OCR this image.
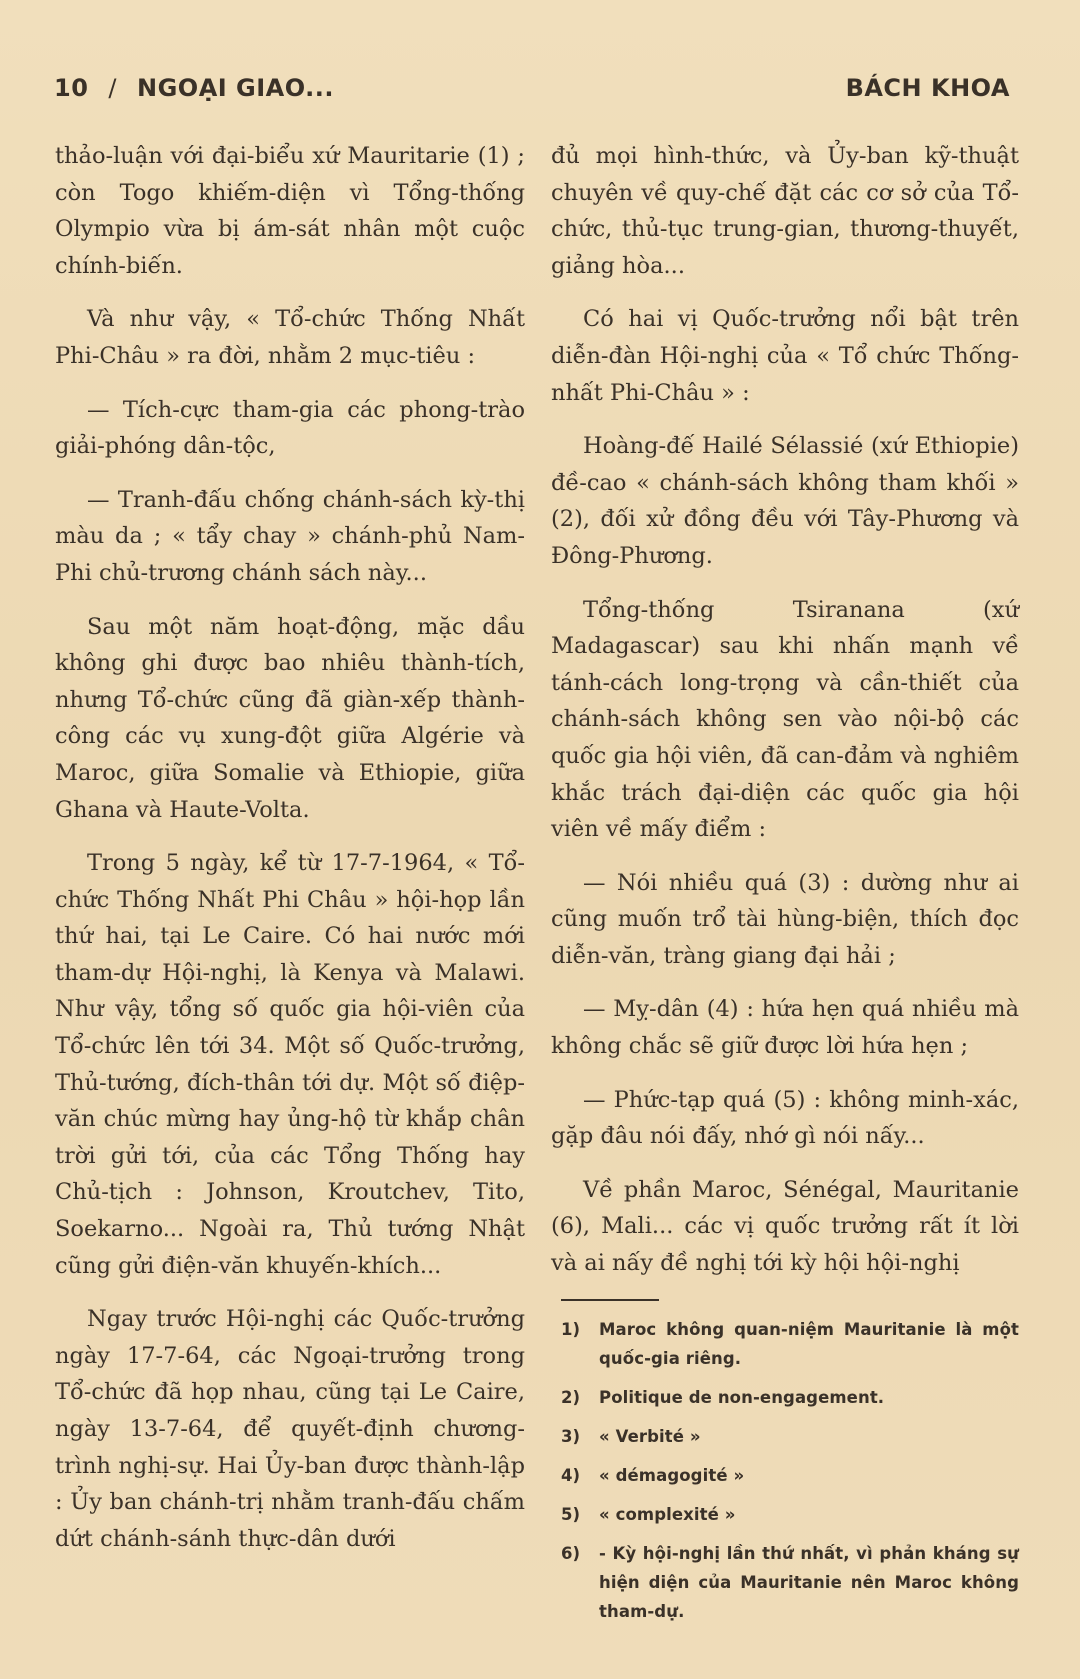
10 / NGOẠI GIAO...	BÁCH KHOA

thảo-luận với đại-biểu xứ Mauritarie (1) ; còn Togo khiếm-diện vì Tổng-thống Olympio vừa bị ám-sát nhân một cuộc chính-biến.

Và như vậy, « Tổ-chức Thống Nhất Phi-Châu » ra đời, nhằm 2 mục-tiêu :

— Tích-cực tham-gia các phong-trào giải-phóng dân-tộc,

— Tranh-đấu chống chánh-sách kỳ-thị màu da ; « tẩy chay » chánh-phủ Nam-Phi chủ-trương chánh sách này...

Sau một năm hoạt-động, mặc dầu không ghi được bao nhiêu thành-tích, nhưng Tổ-chức cũng đã giàn-xếp thành-công các vụ xung-đột giữa Algérie và Maroc, giữa Somalie và Ethiopie, giữa Ghana và Haute-Volta.

Trong 5 ngày, kể từ 17-7-1964, « Tổ-chức Thống Nhất Phi Châu » hội-họp lần thứ hai, tại Le Caire. Có hai nước mới tham-dự Hội-nghị, là Kenya và Malawi. Như vậy, tổng số quốc gia hội-viên của Tổ-chức lên tới 34. Một số Quốc-trưởng, Thủ-tướng, đích-thân tới dự. Một số điệp-văn chúc mừng hay ủng-hộ từ khắp chân trời gửi tới, của các Tổng Thống hay Chủ-tịch : Johnson, Kroutchev, Tito, Soekarno... Ngoài ra, Thủ tướng Nhật cũng gửi điện-văn khuyến-khích...

Ngay trước Hội-nghị các Quốc-trưởng ngày 17-7-64, các Ngoại-trưởng trong Tổ-chức đã họp nhau, cũng tại Le Caire, ngày 13-7-64, để quyết-định chương-trình nghị-sự. Hai Ủy-ban được thành-lập : Ủy ban chánh-trị nhằm tranh-đấu chấm dứt chánh-sánh thực-dân dưới

đủ mọi hình-thức, và Ủy-ban kỹ-thuật chuyên về quy-chế đặt các cơ sở của Tổ-chức, thủ-tục trung-gian, thương-thuyết, giảng hòa...

Có hai vị Quốc-trưởng nổi bật trên diễn-đàn Hội-nghị của « Tổ chức Thống-nhất Phi-Châu » :

Hoàng-đế Hailé Sélassié (xứ Ethiopie) đề-cao « chánh-sách không tham khối » (2), đối xử đồng đều với Tây-Phương và Đông-Phương.

Tổng-thống Tsiranana (xứ Madagascar) sau khi nhấn mạnh về tánh-cách long-trọng và cần-thiết của chánh-sách không sen vào nội-bộ các quốc gia hội viên, đã can-đảm và nghiêm khắc trách đại-diện các quốc gia hội viên về mấy điểm :

— Nói nhiều quá (3) : dường như ai cũng muốn trổ tài hùng-biện, thích đọc diễn-văn, tràng giang đại hải ;

— Mỵ-dân (4) : hứa hẹn quá nhiều mà không chắc sẽ giữ được lời hứa hẹn ;

— Phức-tạp quá (5) : không minh-xác, gặp đâu nói đấy, nhớ gì nói nấy...

Về phần Maroc, Sénégal, Mauritanie (6), Mali... các vị quốc trưởng rất ít lời và ai nấy đề nghị tới kỳ hội hội-nghị

1)	Maroc không quan-niệm Mauritanie là một quốc-gia riêng.
2)	Politique de non-engagement.
3)	« Verbité »
4)	« démagogité »
5)	« complexité »
6)	- Kỳ hội-nghị lần thứ nhất, vì phản kháng sự hiện diện của Mauritanie nên Maroc không tham-dự.
